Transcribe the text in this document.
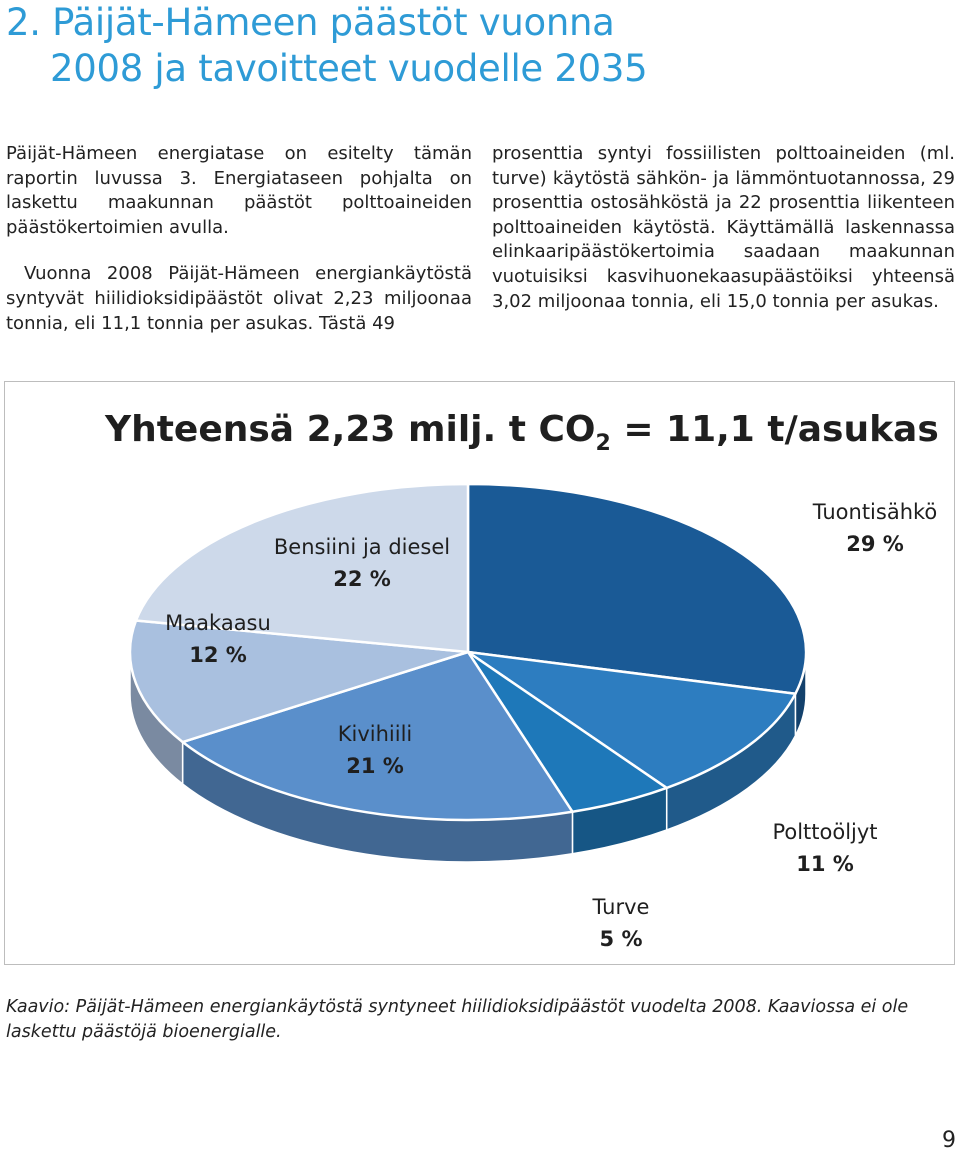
2. Päijät-Hämeen päästöt vuonna
2008 ja tavoitteet vuodelle 2035

Päijät-Hämeen energiatase on esitelty tämän raportin luvussa 3. Energiataseen pohjalta on laskettu maakunnan päästöt polttoaineiden päästökertoimien avulla.

Vuonna 2008 Päijät-Hämeen energiankäytöstä syntyvät hiilidioksidipäästöt olivat 2,23 miljoonaa tonnia, eli 11,1 tonnia per asukas. Tästä 49

prosenttia syntyi fossiilisten polttoaineiden (ml. turve) käytöstä sähkön- ja lämmöntuotannossa, 29 prosenttia ostosähköstä ja 22 prosenttia liikenteen polttoaineiden käytöstä. Käyttämällä laskennassa elinkaaripäästökertoimia saadaan maakunnan vuotuisiksi kasvihuonekaasupäästöiksi yhteensä 3,02 miljoonaa tonnia, eli 15,0 tonnia per asukas.

Yhteensä 2,23 milj. t $CO_2 = 11,1$ t/asukas
Tuontisähkö
29 %
Polttoöljyt
11 %
Turve
5 %
Kivihiili
21 %
Maakaasu
12 %
Bensiini ja diesel
22 %
Kaavio: Päijät-Hämeen energiankäytöstä syntyneet hiilidioksidipäästöt vuodelta 2008. Kaaviossa ei ole laskettu päästöjä bioenergialle.
9
